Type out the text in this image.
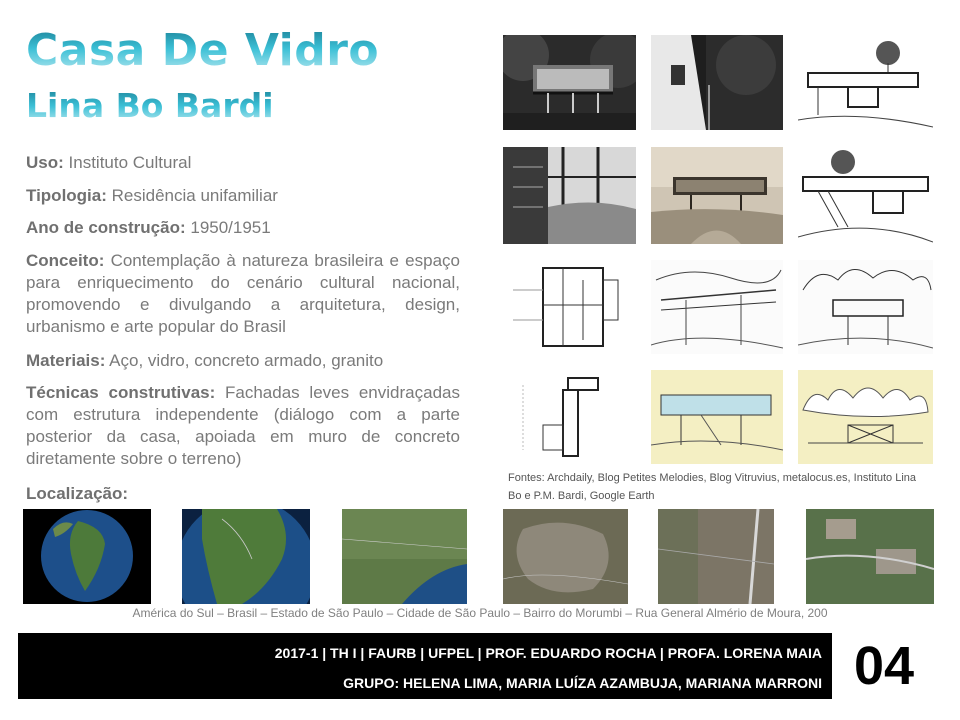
Casa De Vidro
Lina Bo Bardi
Uso: Instituto Cultural
Tipologia: Residência unifamiliar
Ano de construção: 1950/1951
Conceito: Contemplação à natureza brasileira e espaço para enriquecimento do cenário cultural nacional, promovendo e divulgando a arquitetura, design, urbanismo e arte popular do Brasil
Materiais: Aço, vidro, concreto armado, granito
Técnicas construtivas: Fachadas leves envidraçadas com estrutura independente (diálogo com a parte posterior da casa, apoiada em muro de concreto diretamente sobre o terreno)
Localização:
Fontes: Archdaily, Blog Petites Melodies, Blog Vitruvius, metalocus.es, Instituto Lina Bo e P.M. Bardi, Google Earth
América do Sul – Brasil – Estado de São Paulo – Cidade de São Paulo – Bairro do Morumbi – Rua General Almério de Moura, 200
2017-1 | TH I | FAURB | UFPEL | PROF. EDUARDO ROCHA | PROFA. LORENA MAIA
GRUPO: HELENA LIMA, MARIA LUÍZA AZAMBUJA, MARIANA MARRONI 04
